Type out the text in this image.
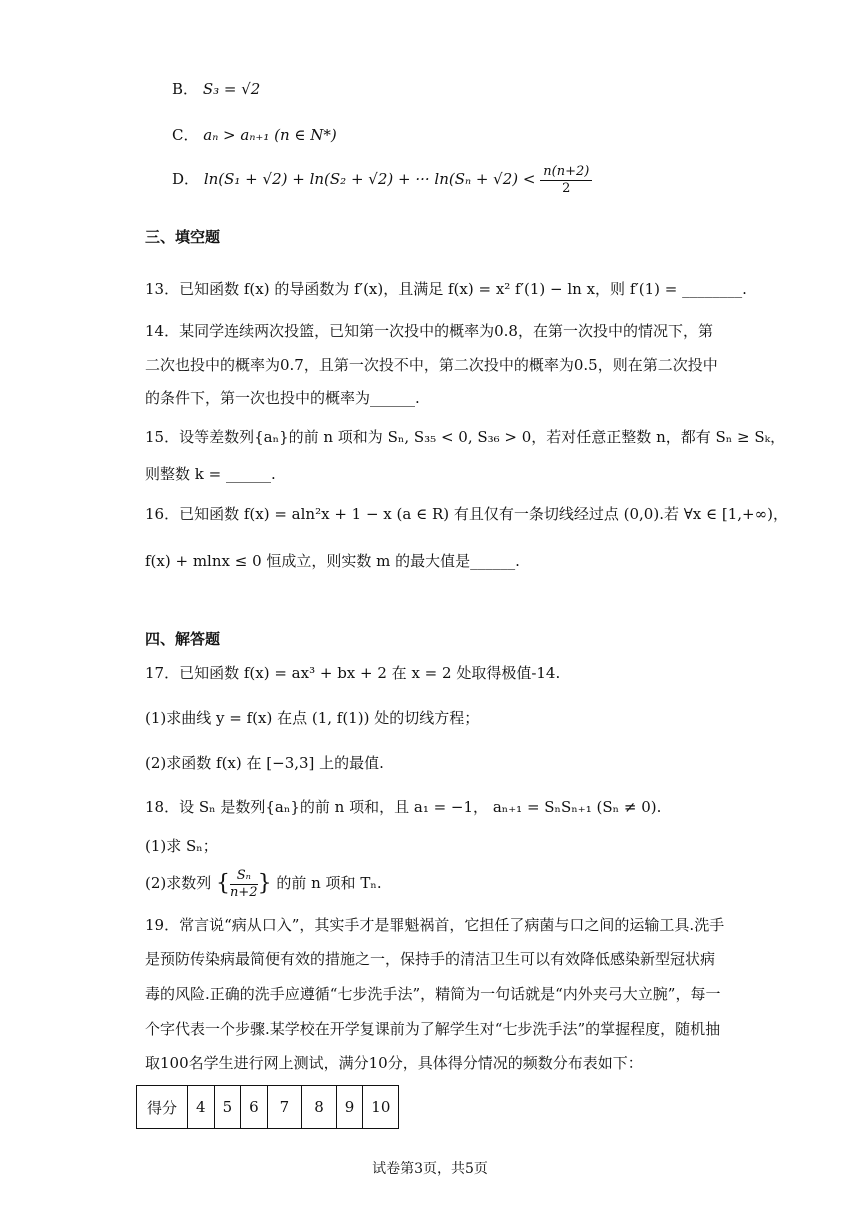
B． S₃ = √2
C． aₙ > aₙ₊₁ (n ∈ N*)
D． ln(S₁ + √2) + ln(S₂ + √2) + ··· $\ln(S_n + √2) < \frac{n(n+2)}{2}$
三、填空题
13．已知函数 f(x) 的导函数为 f′(x)，且满足 f(x) = x² f′(1) − ln x，则 f′(1) = ________.
14．某同学连续两次投篮，已知第一次投中的概率为0.8，在第一次投中的情况下，第
二次也投中的概率为0.7，且第一次投不中，第二次投中的概率为0.5，则在第二次投中
的条件下，第一次也投中的概率为______.
15．设等差数列{aₙ}的前 n 项和为 Sₙ, S₃₅ < 0, S₃₆ > 0，若对任意正整数 n，都有 Sₙ ≥ Sₖ，
则整数 k = ______.
16．已知函数 f(x) = aln²x + 1 − x (a ∈ R) 有且仅有一条切线经过点 (0,0).若 ∀x ∈ [1,+∞)，
f(x) + mlnx ≤ 0 恒成立，则实数 m 的最大值是______.
四、解答题
17．已知函数 f(x) = ax³ + bx + 2 在 x = 2 处取得极值-14.
(1)求曲线 y = f(x) 在点 (1, f(1)) 处的切线方程；
(2)求函数 f(x) 在 [−3,3] 上的最值.
18．设 Sₙ 是数列{aₙ}的前 n 项和，且 a₁ = −1， aₙ₊₁ = SₙSₙ₊₁ (Sₙ ≠ 0).
(1)求 Sₙ；
(2)求数列 { $\frac{\text{Sₙ}}{n+2}$ } 的前 n 项和 Tₙ.
19．常言说“病从口入”，其实手才是罪魁祸首，它担任了病菌与口之间的运输工具.洗手
是预防传染病最简便有效的措施之一，保持手的清洁卫生可以有效降低感染新型冠状病
毒的风险.正确的洗手应遵循“七步洗手法”，精简为一句话就是“内外夹弓大立腕”，每一
个字代表一个步骤.某学校在开学复课前为了解学生对“七步洗手法”的掌握程度，随机抽
取100名学生进行网上测试，满分10分，具体得分情况的频数分布表如下：
得分	4	5	6	7	8	9	10
试卷第3页，共5页
